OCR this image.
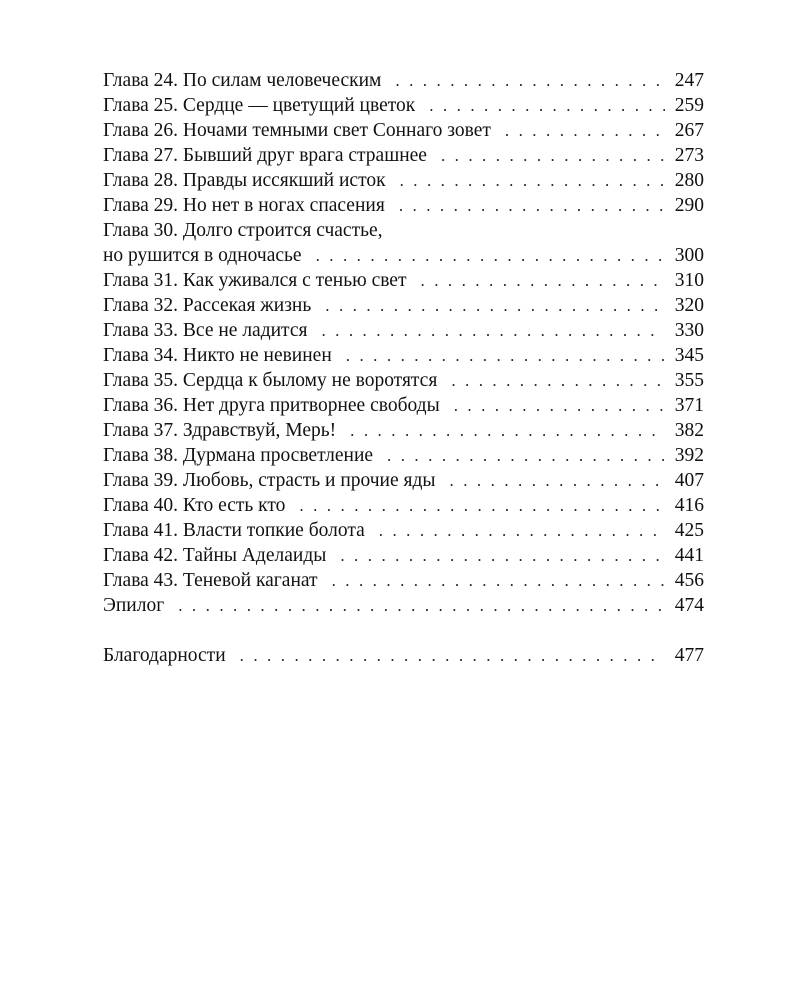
Глава 24. По силам человеческим . . .	247
Глава 25. Сердце — цветущий цветок . . .	259
Глава 26. Ночами темными свет Соннаго зовет . . .	267
Глава 27. Бывший друг врага страшнее . . .	273
Глава 28. Правды иссякший исток . . .	280
Глава 29. Но нет в ногах спасения . . .	290
Глава 30. Долго строится счастье,
но рушится в одночасье . . .	300
Глава 31. Как уживался с тенью свет . . .	310
Глава 32. Рассекая жизнь . . .	320
Глава 33. Все не ладится . . .	330
Глава 34. Никто не невинен . . .	345
Глава 35. Сердца к былому не воротятся . . .	355
Глава 36. Нет друга притворнее свободы . . .	371
Глава 37. Здравствуй, Мерь! . . .	382
Глава 38. Дурмана просветление . . .	392
Глава 39. Любовь, страсть и прочие яды . . .	407
Глава 40. Кто есть кто . . .	416
Глава 41. Власти топкие болота . . .	425
Глава 42. Тайны Аделаиды . . .	441
Глава 43. Теневой каганат . . .	456
Эпилог . . .	474
Благодарности . . .	477
